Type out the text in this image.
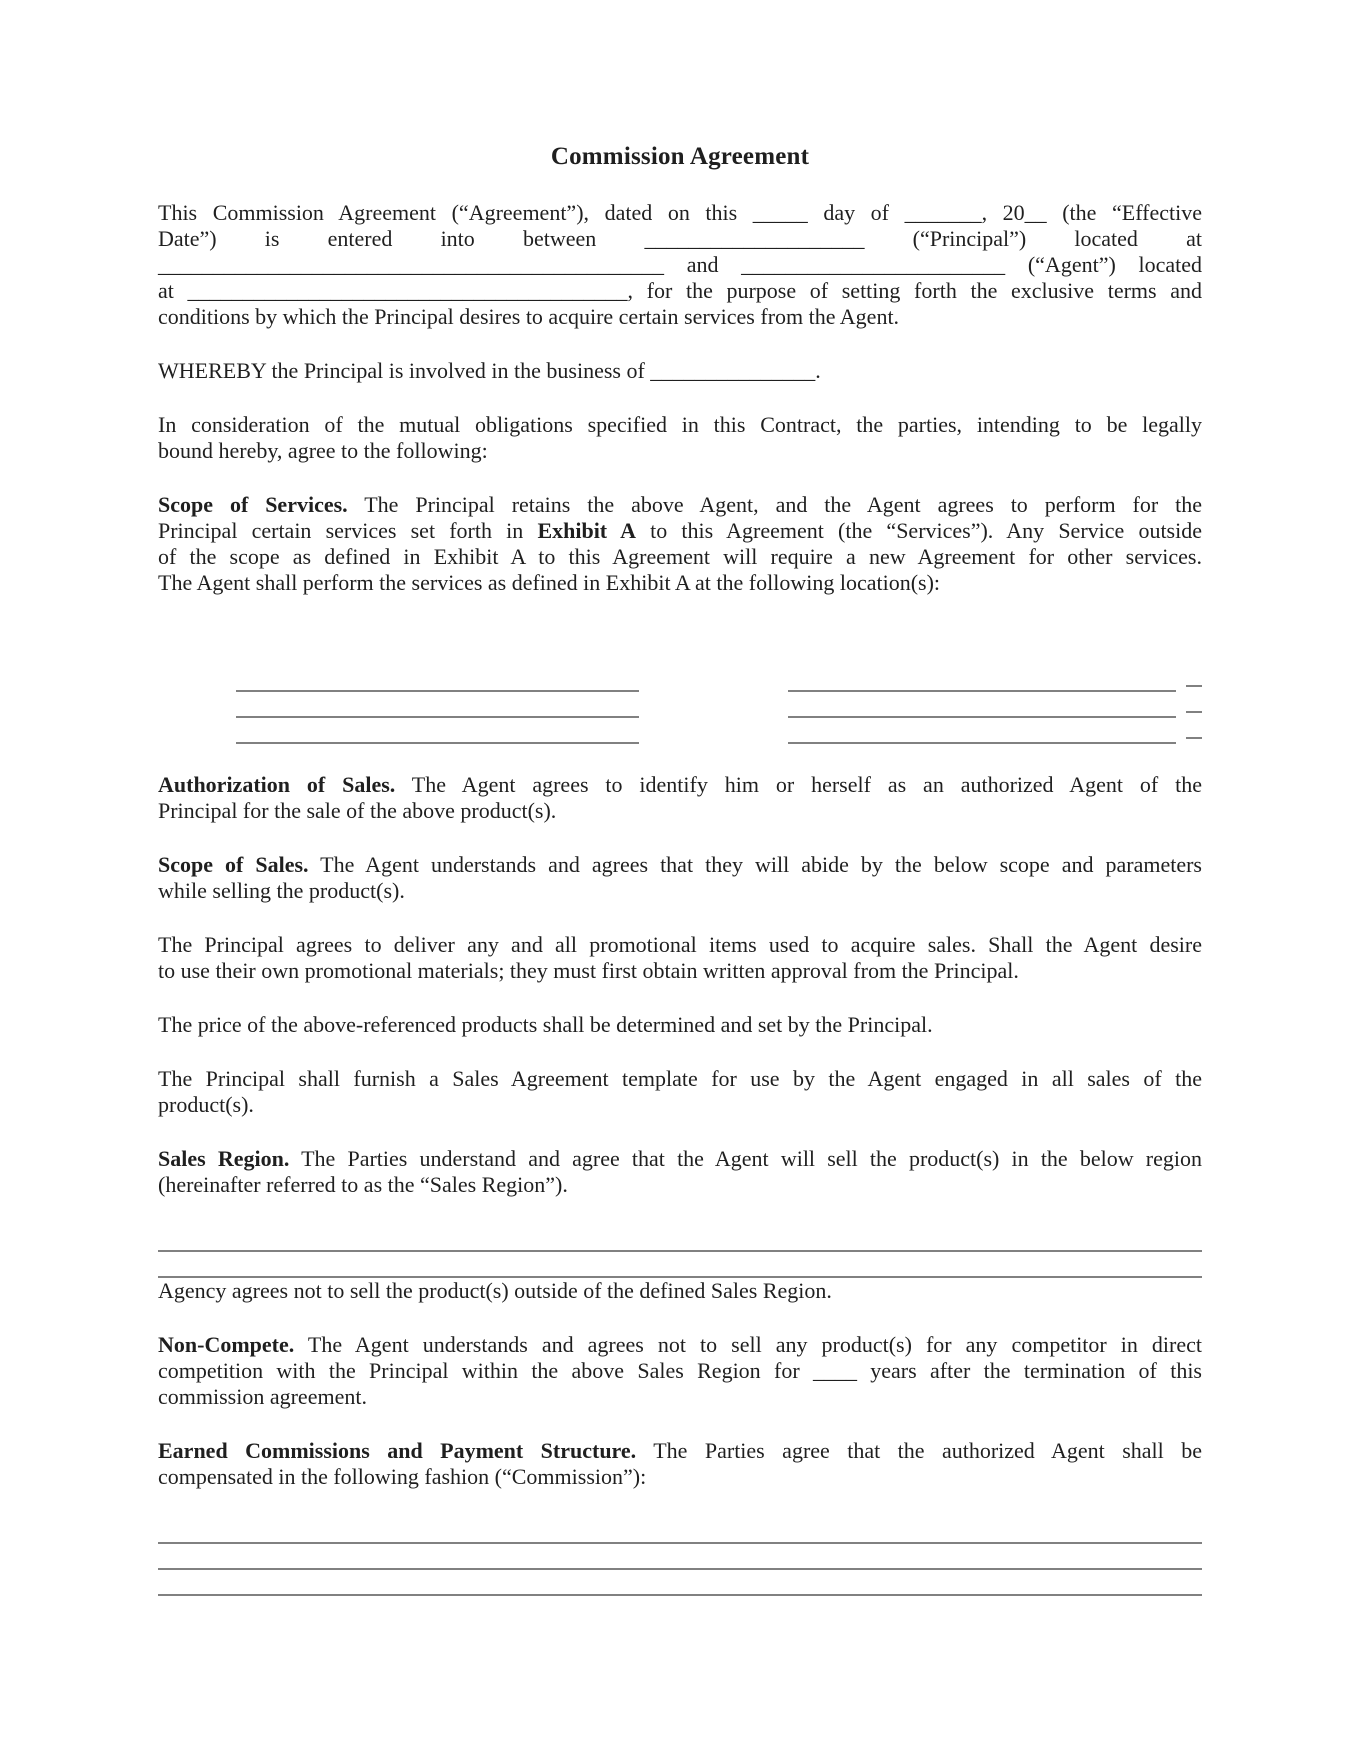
Commission Agreement
This Commission Agreement (“Agreement”), dated on this _____ day of _______, 20__ (the “Effective
Date”) is entered into between ____________________ (“Principal”) located at
______________________________________________ and ________________________ (“Agent”) located
at ________________________________________, for the purpose of setting forth the exclusive terms and
conditions by which the Principal desires to acquire certain services from the Agent.
WHEREBY the Principal is involved in the business of _______________.
In consideration of the mutual obligations specified in this Contract, the parties, intending to be legally
bound hereby, agree to the following:
Scope of Services. The Principal retains the above Agent, and the Agent agrees to perform for the
Principal certain services set forth in Exhibit A to this Agreement (the “Services”). Any Service outside
of the scope as defined in Exhibit A to this Agreement will require a new Agreement for other services.
The Agent shall perform the services as defined in Exhibit A at the following location(s):
Authorization of Sales. The Agent agrees to identify him or herself as an authorized Agent of the
Principal for the sale of the above product(s).
Scope of Sales. The Agent understands and agrees that they will abide by the below scope and parameters
while selling the product(s).
The Principal agrees to deliver any and all promotional items used to acquire sales. Shall the Agent desire
to use their own promotional materials; they must first obtain written approval from the Principal.
The price of the above-referenced products shall be determined and set by the Principal.
The Principal shall furnish a Sales Agreement template for use by the Agent engaged in all sales of the
product(s).
Sales Region. The Parties understand and agree that the Agent will sell the product(s) in the below region
(hereinafter referred to as the “Sales Region”).
Agency agrees not to sell the product(s) outside of the defined Sales Region.
Non-Compete. The Agent understands and agrees not to sell any product(s) for any competitor in direct
competition with the Principal within the above Sales Region for ____ years after the termination of this
commission agreement.
Earned Commissions and Payment Structure. The Parties agree that the authorized Agent shall be
compensated in the following fashion (“Commission”):
